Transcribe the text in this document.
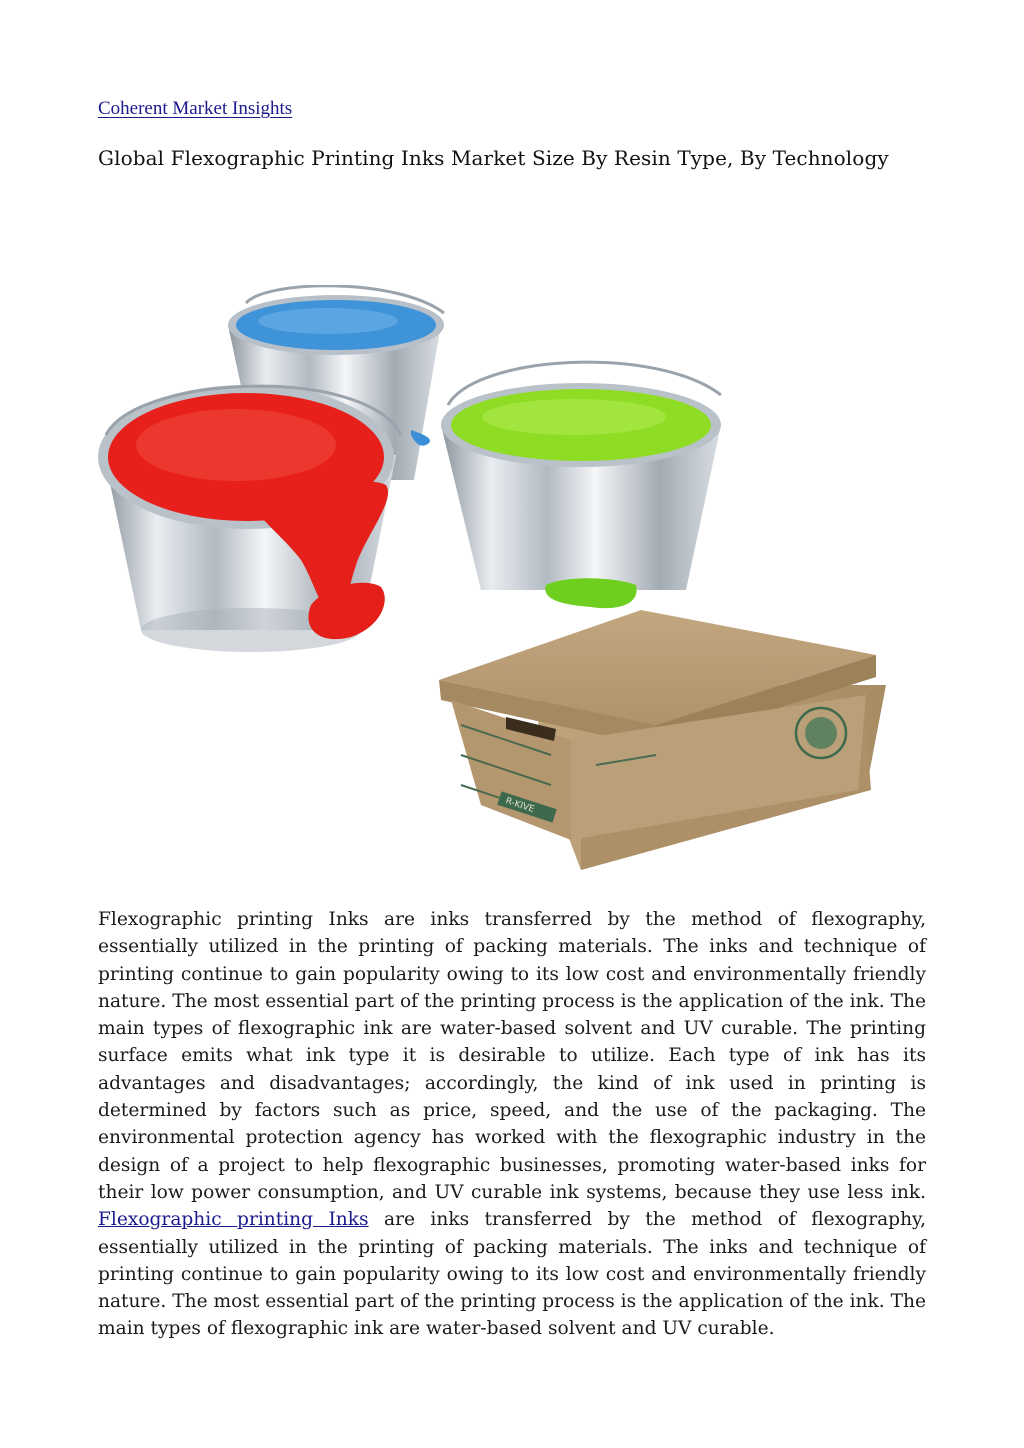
Coherent Market Insights
Global Flexographic Printing Inks Market Size By Resin Type, By Technology
R-KIVE

Flexographic printing Inks are inks transferred by the method of flexography, essentially utilized in the printing of packing materials. The inks and technique of printing continue to gain popularity owing to its low cost and environmentally friendly nature. The most essential part of the printing process is the application of the ink. The main types of flexographic ink are water-based solvent and UV curable. The printing surface emits what ink type it is desirable to utilize. Each type of ink has its advantages and disadvantages; accordingly, the kind of ink used in printing is determined by factors such as price, speed, and the use of the packaging. The environmental protection agency has worked with the flexographic industry in the design of a project to help flexographic businesses, promoting water-based inks for their low power consumption, and UV curable ink systems, because they use less ink. Flexographic printing Inks are inks transferred by the method of flexography, essentially utilized in the printing of packing materials. The inks and technique of printing continue to gain popularity owing to its low cost and environmentally friendly nature. The most essential part of the printing process is the application of the ink. The main types of flexographic ink are water-based solvent and UV curable.
